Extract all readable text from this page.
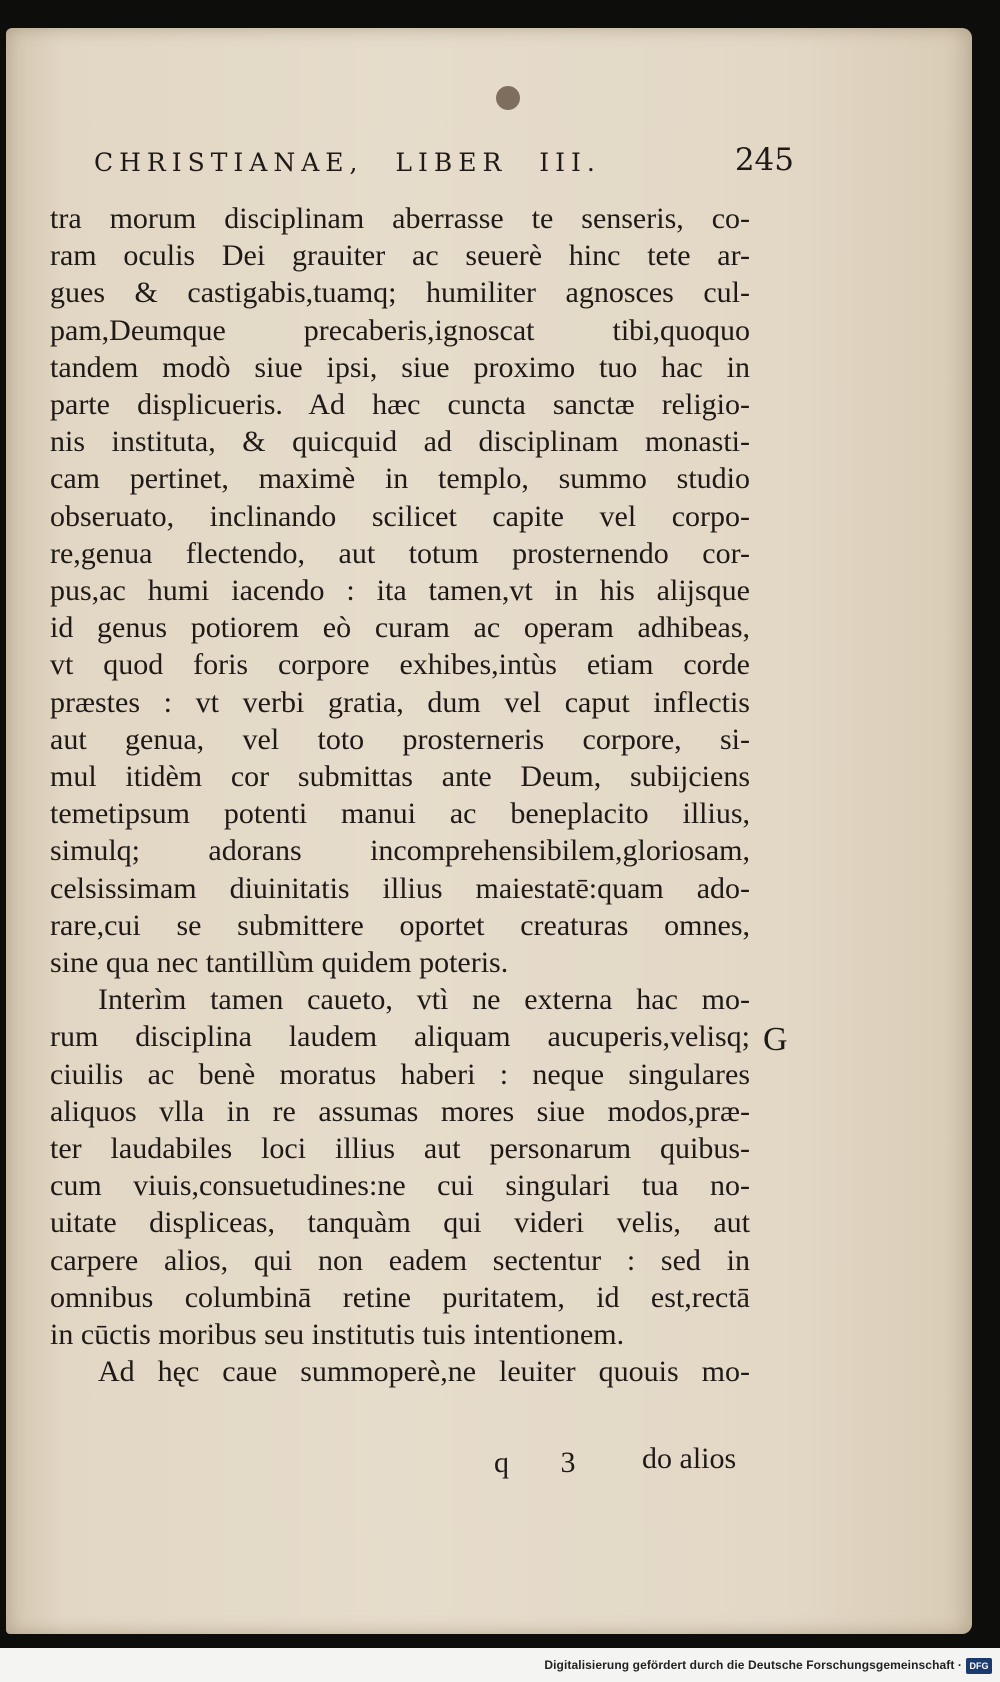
CHRISTIANAE, LIBER III.	245
tra morum disciplinam aberrasse te senseris, co-
ram oculis Dei grauiter ac seuerè hinc tete ar-
gues & castigabis,tuamq; humiliter agnosces cul-
pam,Deumque precaberis,ignoscat tibi,quoquo
tandem modò siue ipsi, siue proximo tuo hac in
parte displicueris. Ad hæc cuncta sanctæ religio-
nis instituta, & quicquid ad disciplinam monasti-
cam pertinet, maximè in templo, summo studio
obseruato, inclinando scilicet capite vel corpo-
re,genua flectendo, aut totum prosternendo cor-
pus,ac humi iacendo : ita tamen,vt in his alijsque
id genus potiorem eò curam ac operam adhibeas,
vt quod foris corpore exhibes,intùs etiam corde
præstes : vt verbi gratia, dum vel caput inflectis
aut genua, vel toto prosterneris corpore, si-
mul itidèm cor submittas ante Deum, subijciens
temetipsum potenti manui ac beneplacito illius,
simulq; adorans incomprehensibilem,gloriosam,
celsissimam diuinitatis illius maiestatē:quam ado-
rare,cui se submittere oportet creaturas omnes,
sine qua nec tantillùm quidem poteris.
Interìm tamen caueto, vtì ne externa hac mo-
rum disciplina laudem aliquam aucuperis,velisq;
ciuilis ac benè moratus haberi : neque singulares
aliquos vlla in re assumas mores siue modos,præ-
ter laudabiles loci illius aut personarum quibus-
cum viuis,consuetudines:ne cui singulari tua no-
uitate displiceas, tanquàm qui videri velis, aut
carpere alios, qui non eadem sectentur : sed in
omnibus columbinā retine puritatem, id est,rectā
in cūctis moribus seu institutis tuis intentionem.
Ad hęc caue summoperè,ne leuiter quouis mo-
G
q 3 do alios
Digitalisierung gefördert durch die Deutsche Forschungsgemeinschaft · DFG
